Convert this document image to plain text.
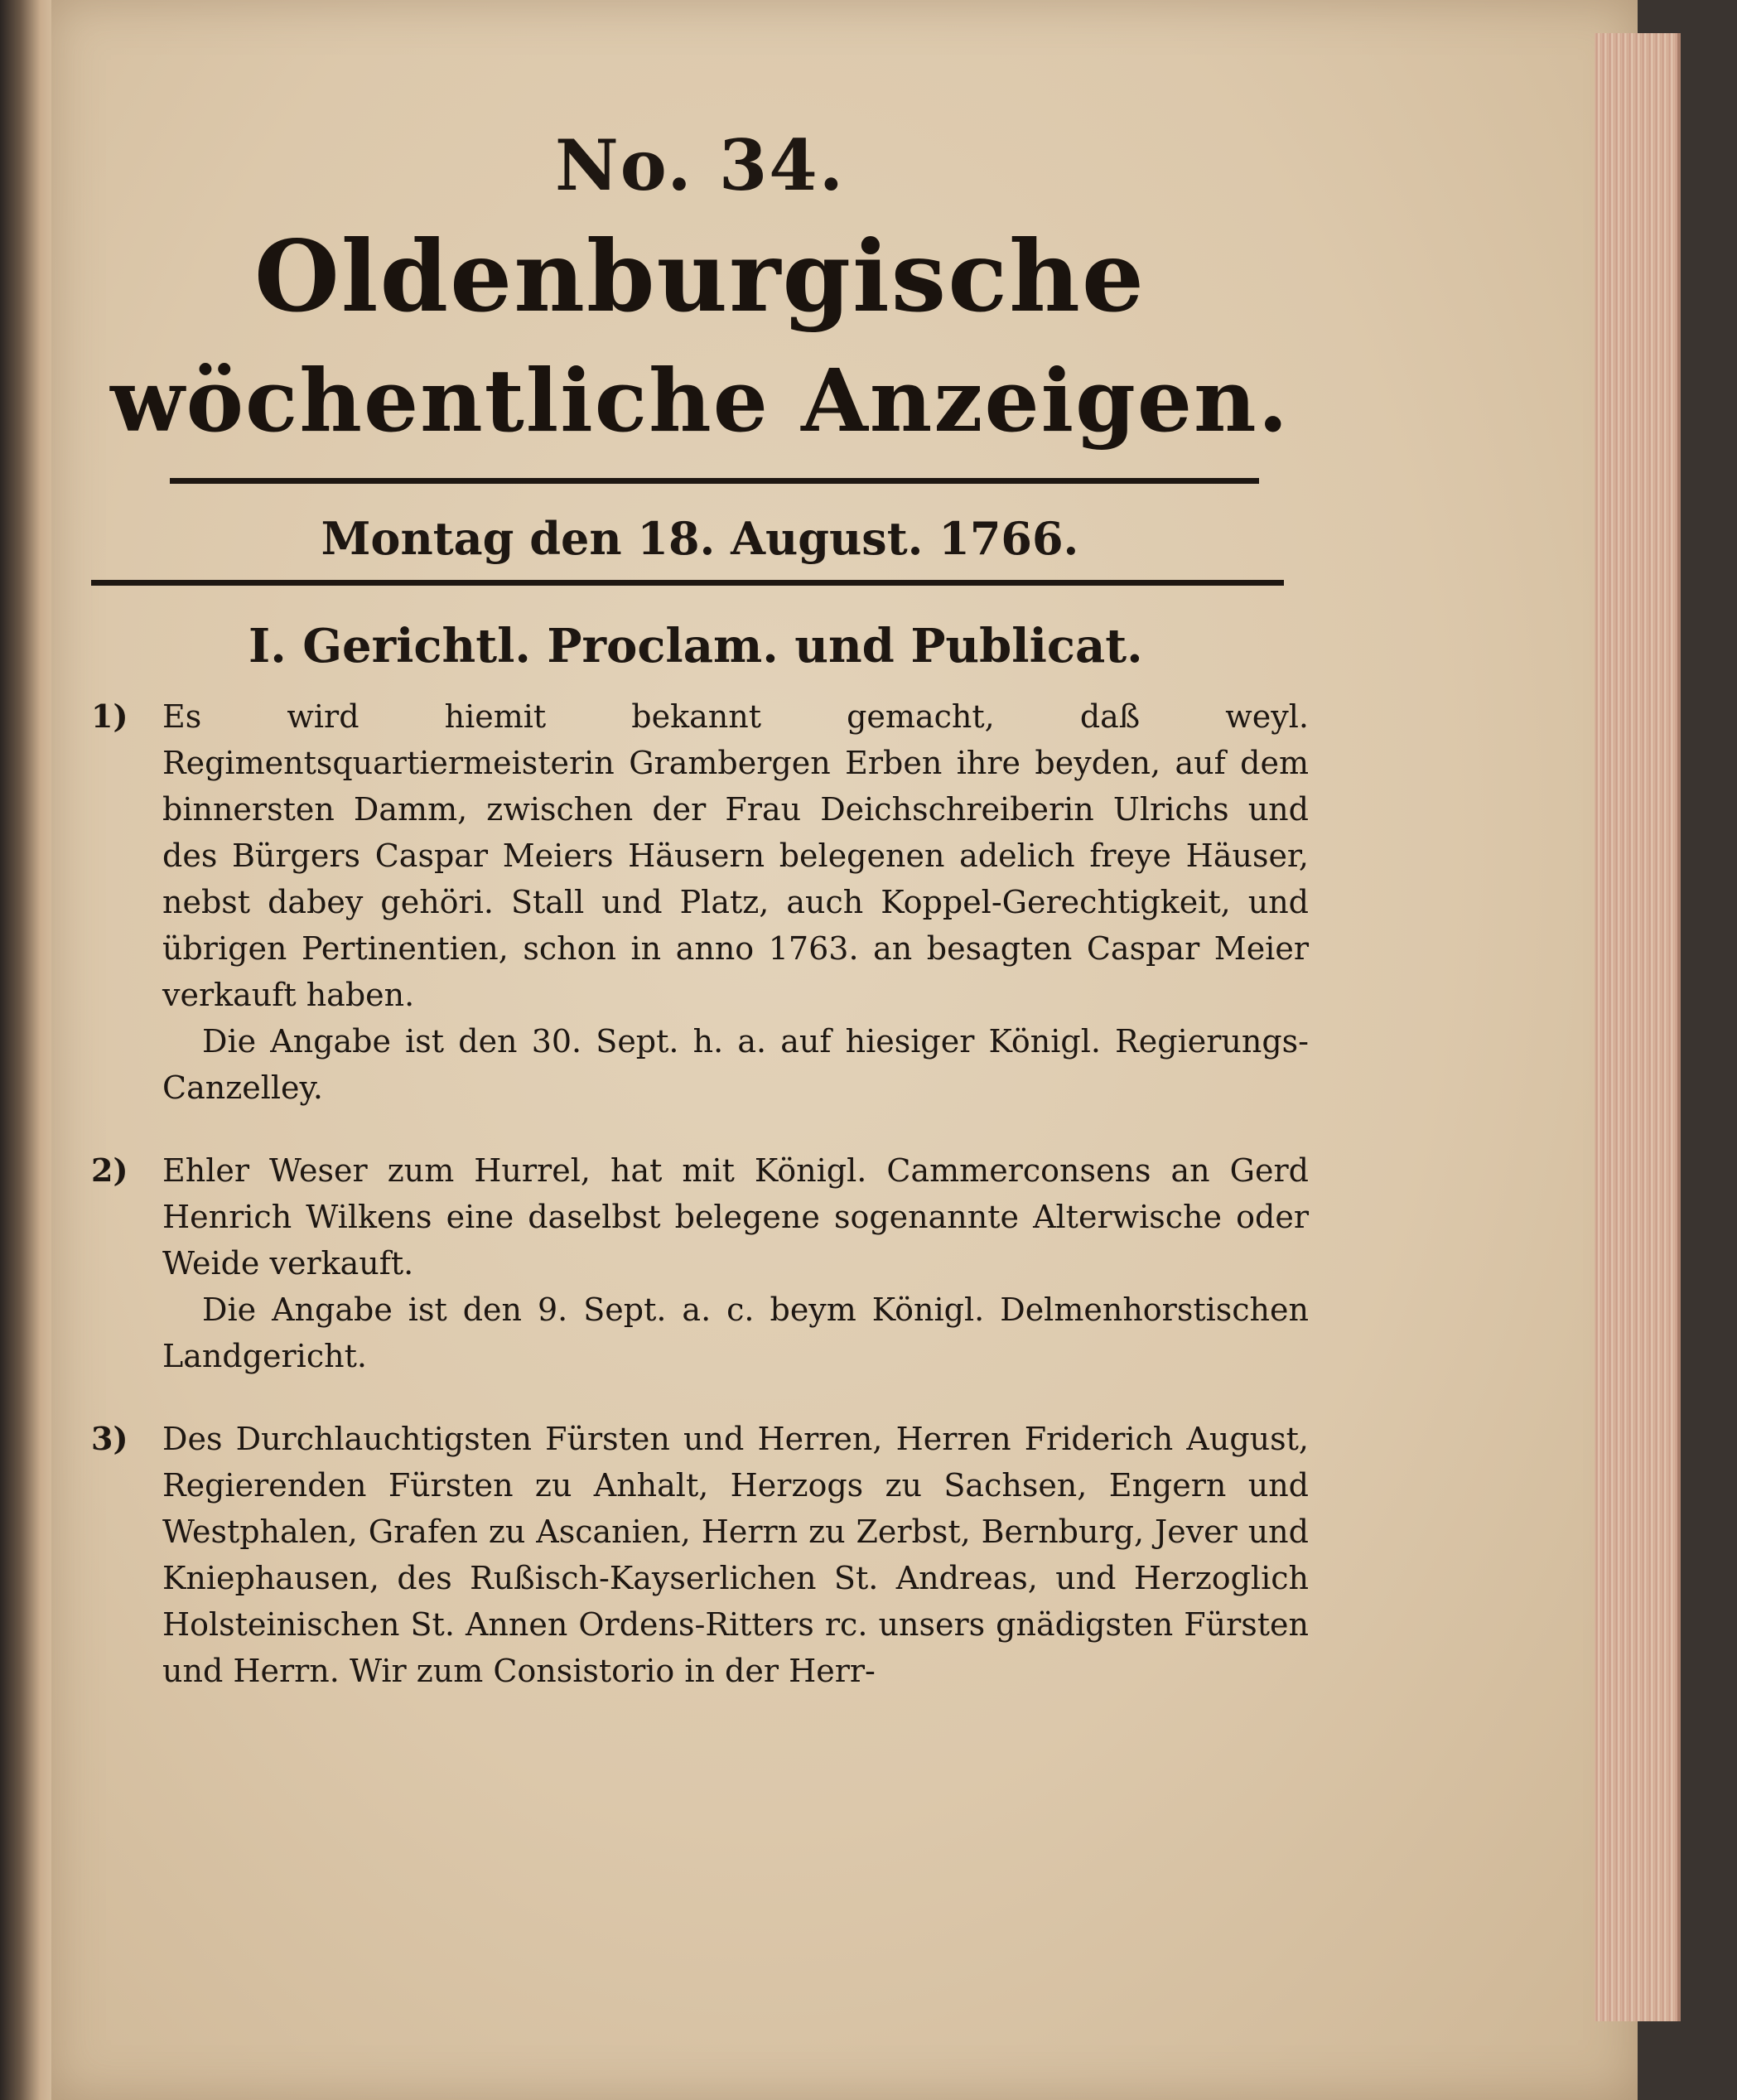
No. 34.
Oldenburgische
wöchentliche Anzeigen.
Montag den 18. August. 1766.
I. Gerichtl. Proclam. und Publicat.
1)	Es wird hiemit bekannt gemacht, daß weyl. Regimentsquartiermeisterin Grambergen Erben ihre beyden, auf dem binnersten Damm, zwischen der Frau Deichschreiberin Ulrichs und des Bürgers Caspar Meiers Häusern belegenen adelich freye Häuser, nebst dabey gehöri. Stall und Platz, auch Koppel-Gerechtigkeit, und übrigen Pertinentien, schon in anno 1763. an besagten Caspar Meier verkauft haben.

Die Angabe ist den 30. Sept. h. a. auf hiesiger Königl. Regierungs-Canzelley.

2)	Ehler Weser zum Hurrel, hat mit Königl. Cammerconsens an Gerd Henrich Wilkens eine daselbst belegene sogenannte Alterwische oder Weide verkauft.

Die Angabe ist den 9. Sept. a. c. beym Königl. Delmenhorstischen Landgericht.

3)	Des Durchlauchtigsten Fürsten und Herren, Herren Friderich August, Regierenden Fürsten zu Anhalt, Herzogs zu Sachsen, Engern und Westphalen, Grafen zu Ascanien, Herrn zu Zerbst, Bernburg, Jever und Kniephausen, des Rußisch-Kayserlichen St. Andreas, und Herzoglich Holsteinischen St. Annen Ordens-Ritters rc. unsers gnädigsten Fürsten und Herrn. Wir zum Consistorio in der Herr-
